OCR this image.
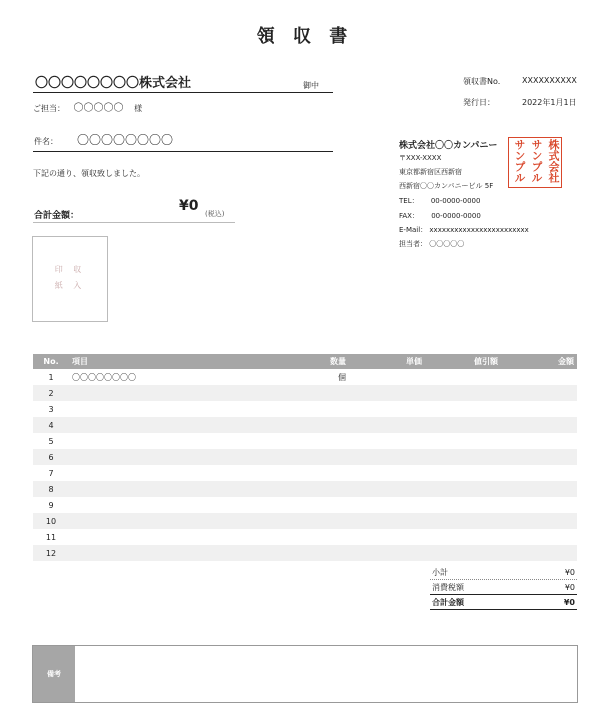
領 収 書
〇〇〇〇〇〇〇〇株式会社	御中
ご担当： 〇〇〇〇〇 様
領収書No.	XXXXXXXXXX
発行日：	2022年1月1日
件名： 〇〇〇〇〇〇〇〇
下記の通り、領収致しました。
合計金額：
¥0 (税込)
印 収
紙 入
株式会社〇〇カンパニー
〒XXX-XXXX
東京都新宿区西新宿
西新宿〇〇カンパニービル 5F
TEL： 00-0000-0000
FAX： 00-0000-0000
E-Mail： xxxxxxxxxxxxxxxxxxxxxxxx
担当者： 〇〇〇〇〇
株式会社
サンプル
サンプル
No.	項目	数量	単価	値引額	金額
1	〇〇〇〇〇〇〇〇	個			
2					
3					
4					
5					
6					
7					
8					
9					
10					
11					
12					
小計	¥0
消費税額	¥0
合計金額	¥0
備考
